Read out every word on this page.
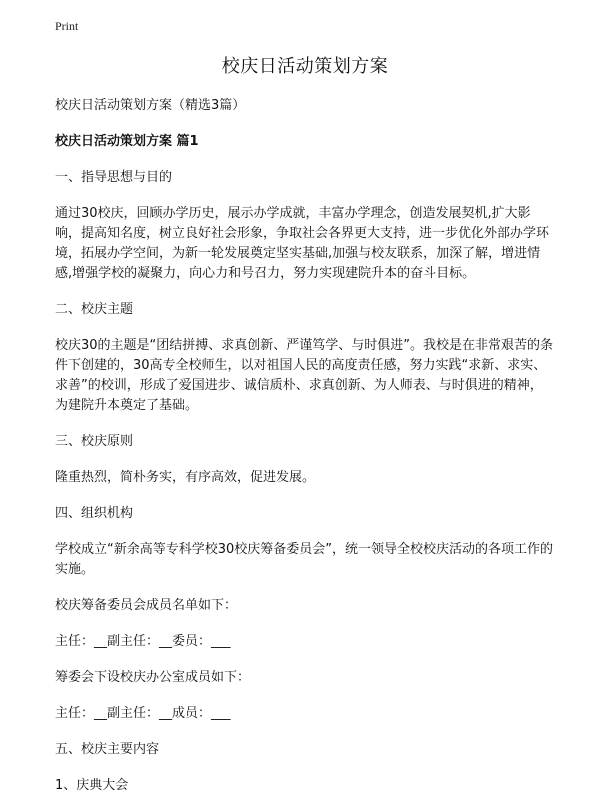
Print
校庆日活动策划方案
校庆日活动策划方案（精选3篇）
校庆日活动策划方案 篇1
一、指导思想与目的
通过30校庆，回顾办学历史，展示办学成就，丰富办学理念，创造发展契机,扩大影响，提高知名度，树立良好社会形象，争取社会各界更大支持，进一步优化外部办学环境，拓展办学空间，为新一轮发展奠定坚实基础,加强与校友联系，加深了解，增进情感,增强学校的凝聚力，向心力和号召力，努力实现建院升本的奋斗目标。
二、校庆主题
校庆30的主题是“团结拼搏、求真创新、严谨笃学、与时俱进”。我校是在非常艰苦的条件下创建的，30高专全校师生，以对祖国人民的高度责任感，努力实践“求新、求实、求善”的校训，形成了爱国进步、诚信质朴、求真创新、为人师表、与时俱进的精神，为建院升本奠定了基础。
三、校庆原则
隆重热烈，简朴务实，有序高效，促进发展。
四、组织机构
学校成立“新余高等专科学校30校庆筹备委员会”，统一领导全校校庆活动的各项工作的实施。
校庆筹备委员会成员名单如下：
主任：__副主任：__委员：___
筹委会下设校庆办公室成员如下：
主任：__副主任：__成员：___
五、校庆主要内容
1、庆典大会
